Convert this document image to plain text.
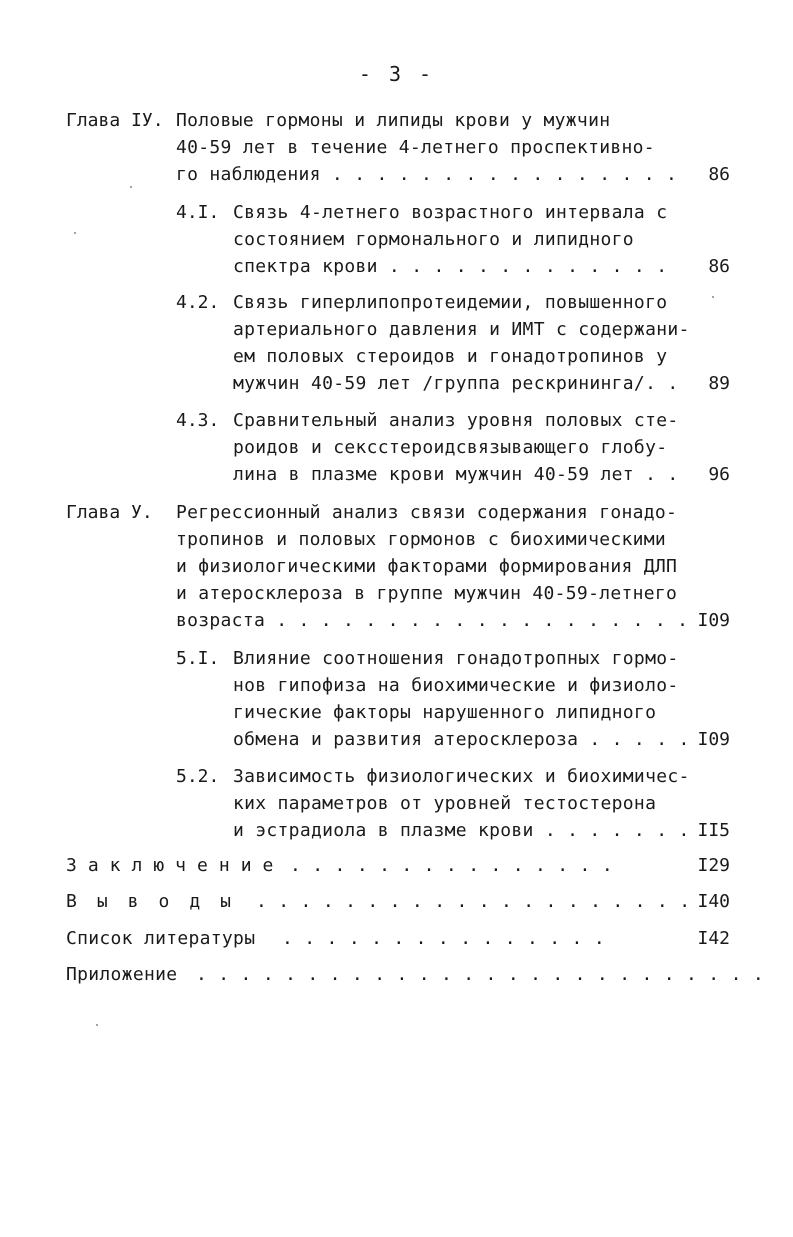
- 3 -
Глава IУ. Половые гормоны и липиды крови у мужчин
40-59 лет в течение 4-летнего проспективно-
го наблюдения . . . . . . . . . . . . . . . .	86
4.I. Связь 4-летнего возрастного интервала с
состоянием гормонального и липидного
спектра крови . . . . . . . . . . . . .	86
4.2. Связь гиперлипопротеидемии, повышенного
артериального давления и ИМТ с содержани-
ем половых стероидов и гонадотропинов у
мужчин 40-59 лет /группа рескрининга/. .	89
4.3. Сравнительный анализ уровня половых сте-
роидов и сексстероидсвязывающего глобу-
лина в плазме крови мужчин 40-59 лет . .	96
Глава У. Регрессионный анализ связи содержания гонадо-
тропинов и половых гормонов с биохимическими
и физиологическими факторами формирования ДЛП
и атеросклероза в группе мужчин 40-59-летнего
возраста . . . . . . . . . . . . . . . . . . . I09
5.I. Влияние соотношения гонадотропных гормо-
нов гипофиза на биохимические и физиоло-
гические факторы нарушенного липидного
обмена и развития атеросклероза . . . . . I09
5.2. Зависимость физиологических и биохимичес-
ких параметров от уровней тестостерона
и эстрадиола в плазме крови . . . . . . . II5
Заключение . . . . . . . . . . . . . . .	I29
Выводы . . . . . . . . . . . . . . . . . . . . I40
Список литературы . . . . . . . . . . . . . . .	I42
Приложение . . . . . . . . . . . . . . . . . . . . . . . . . .
